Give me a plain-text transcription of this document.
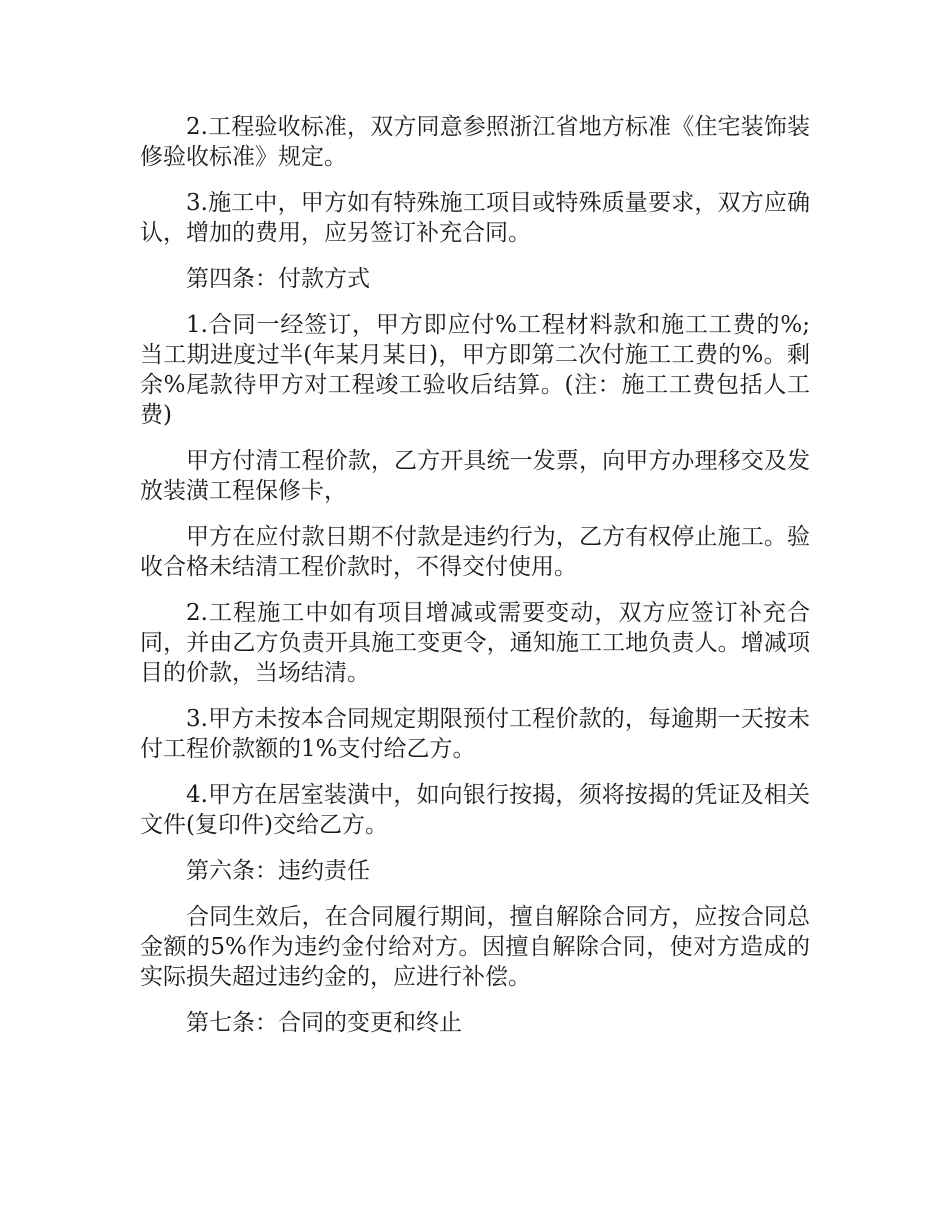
2.工程验收标准，双方同意参照浙江省地方标准《住宅装饰装修验收标准》规定。

3.施工中，甲方如有特殊施工项目或特殊质量要求，双方应确认，增加的费用，应另签订补充合同。

第四条：付款方式

1.合同一经签订，甲方即应付%工程材料款和施工工费的%;当工期进度过半(年某月某日)，甲方即第二次付施工工费的%。剩余%尾款待甲方对工程竣工验收后结算。(注：施工工费包括人工费)

甲方付清工程价款，乙方开具统一发票，向甲方办理移交及发放装潢工程保修卡，

甲方在应付款日期不付款是违约行为，乙方有权停止施工。验收合格未结清工程价款时，不得交付使用。

2.工程施工中如有项目增减或需要变动，双方应签订补充合同，并由乙方负责开具施工变更令，通知施工工地负责人。增减项目的价款，当场结清。

3.甲方未按本合同规定期限预付工程价款的，每逾期一天按未付工程价款额的1%支付给乙方。

4.甲方在居室装潢中，如向银行按揭，须将按揭的凭证及相关文件(复印件)交给乙方。

第六条：违约责任

合同生效后，在合同履行期间，擅自解除合同方，应按合同总金额的5%作为违约金付给对方。因擅自解除合同，使对方造成的实际损失超过违约金的，应进行补偿。

第七条：合同的变更和终止
